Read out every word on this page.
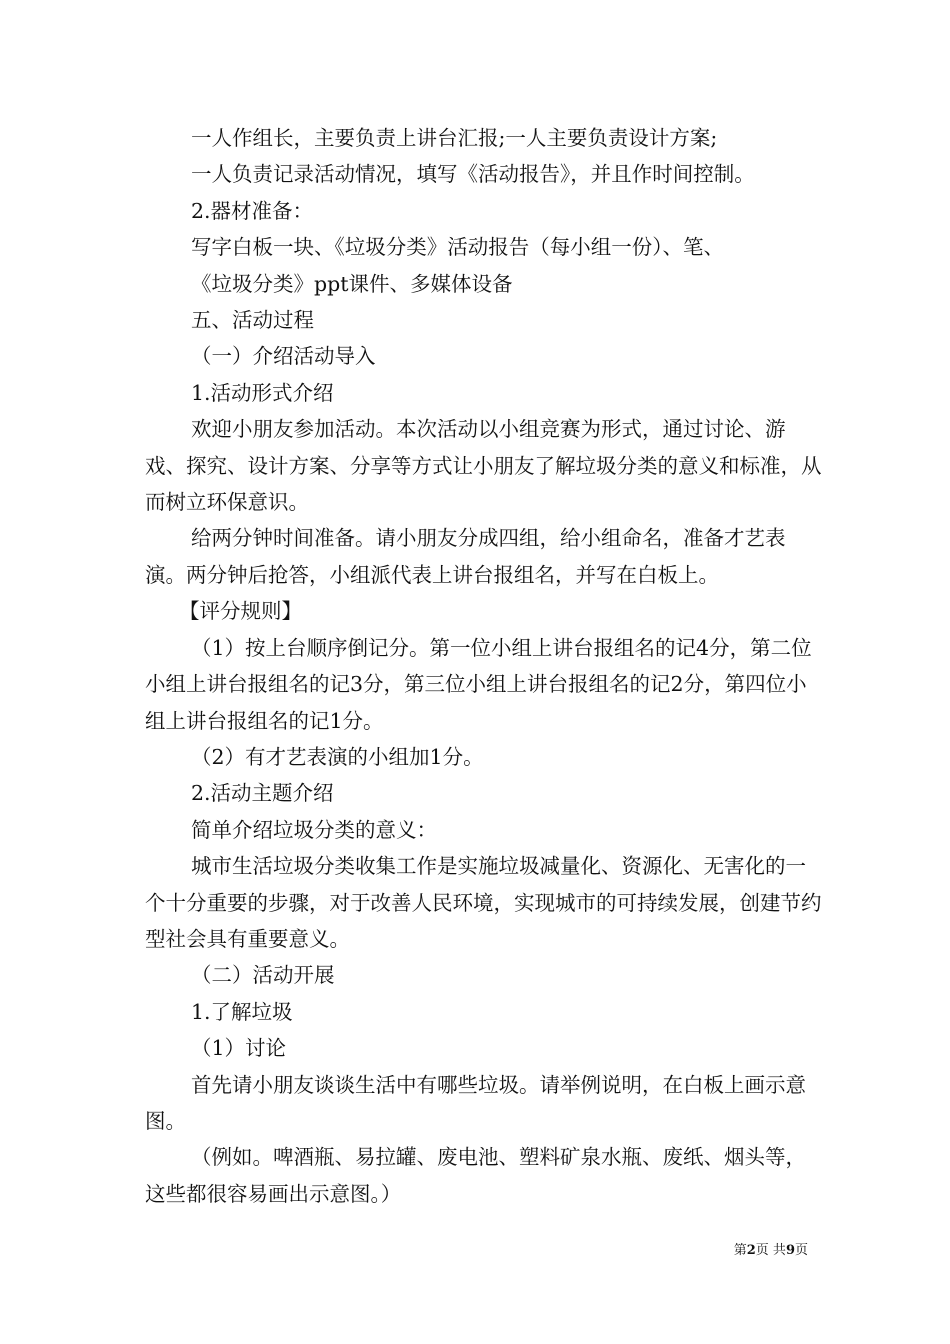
一人作组长，主要负责上讲台汇报;一人主要负责设计方案;

一人负责记录活动情况，填写《活动报告》，并且作时间控制。

2.器材准备：

写字白板一块、《垃圾分类》活动报告（每小组一份）、笔、

《垃圾分类》ppt课件、多媒体设备

五、活动过程

（一）介绍活动导入

1.活动形式介绍

欢迎小朋友参加活动。本次活动以小组竞赛为形式，通过讨论、游戏、探究、设计方案、分享等方式让小朋友了解垃圾分类的意义和标准，从而树立环保意识。

给两分钟时间准备。请小朋友分成四组，给小组命名，准备才艺表演。两分钟后抢答，小组派代表上讲台报组名，并写在白板上。

【评分规则】

（1）按上台顺序倒记分。第一位小组上讲台报组名的记4分，第二位小组上讲台报组名的记3分，第三位小组上讲台报组名的记2分，第四位小组上讲台报组名的记1分。

（2）有才艺表演的小组加1分。

2.活动主题介绍

简单介绍垃圾分类的意义：

城市生活垃圾分类收集工作是实施垃圾减量化、资源化、无害化的一个十分重要的步骤，对于改善人民环境，实现城市的可持续发展，创建节约型社会具有重要意义。

（二）活动开展

1.了解垃圾

（1）讨论

首先请小朋友谈谈生活中有哪些垃圾。请举例说明，在白板上画示意图。

（例如。啤酒瓶、易拉罐、废电池、塑料矿泉水瓶、废纸、烟头等，这些都很容易画出示意图。）

第2页 共9页
